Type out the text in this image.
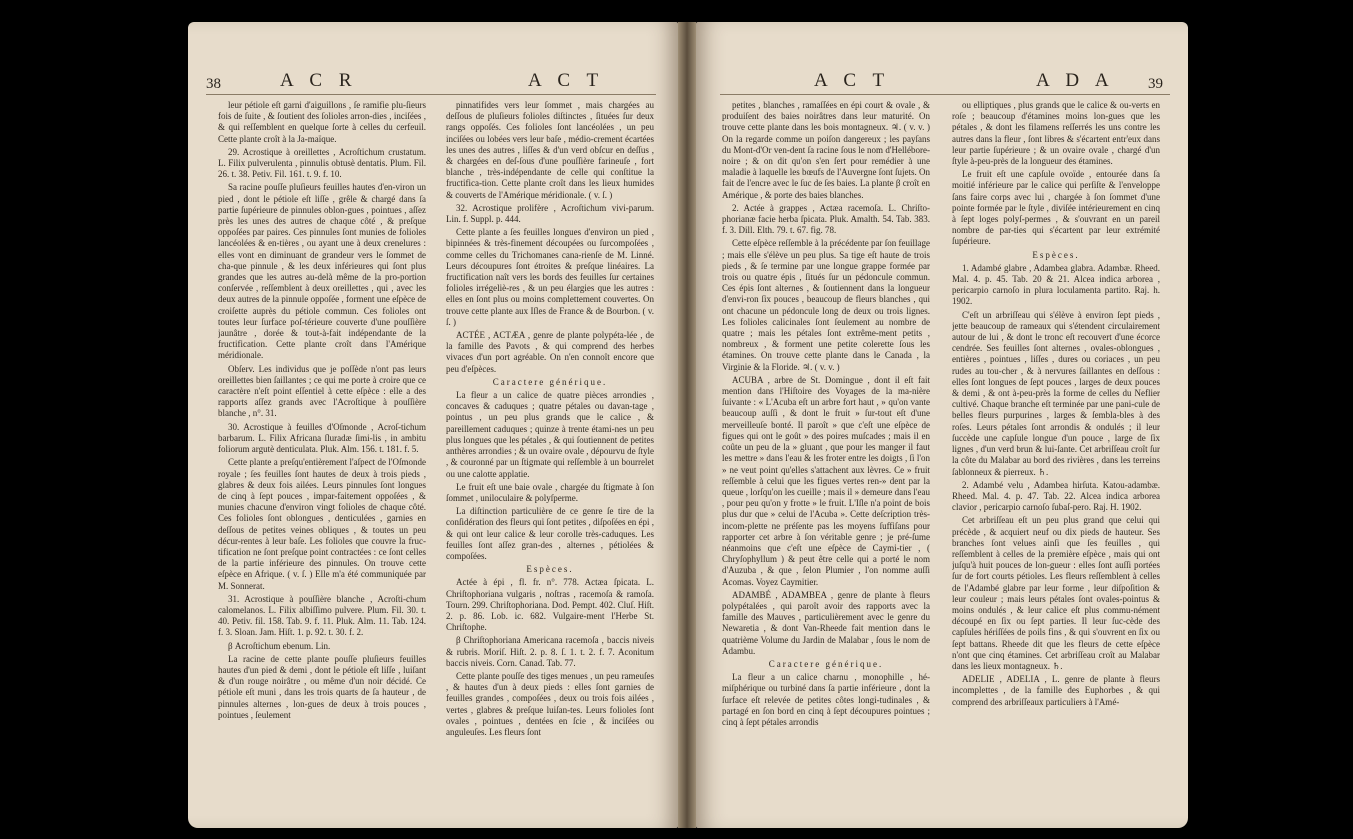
38	A C R	A C T

leur pétiole eſt garni d'aiguillons , ſe ramifie plu-ſieurs fois de ſuite , & ſoutient des ſolioles arron-dies , inciſées , & qui reſſemblent en quelque ſorte à celles du cerfeuil. Cette plante croît à la Ja-maïque.

29. Acrostique à oreillettes , Acroſtichum crustatum. L. Filix pulverulenta , pinnulis obtusè dentatis. Plum. Fil. 26. t. 38. Petiv. Fil. 161. t. 9. f. 10.

Sa racine pouſſe pluſieurs feuilles hautes d'en-viron un pied , dont le pétiole eſt liſſe , grêle & chargé dans ſa partie ſupérieure de pinnules oblon-gues , pointues , aſſez près les unes des autres de chaque côté , & preſque oppoſées par paires. Ces pinnules ſont munies de folioles lancéolées & en-tières , ou ayant une à deux crenelures : elles vont en diminuant de grandeur vers le ſommet de cha-que pinnule , & les deux inférieures qui ſont plus grandes que les autres au-delà même de la pro-portion conſervée , reſſemblent à deux oreillettes , qui , avec les deux autres de la pinnule oppoſée , forment une eſpèce de croiſette auprès du pétiole commun. Ces folioles ont toutes leur ſurface poſ-térieure couverte d'une pouſſière jaunâtre , dorée & tout-à-fait indépendante de la fructification. Cette plante croît dans l'Amérique méridionale.

Obſerv. Les individus que je poſſède n'ont pas leurs oreillettes bien ſaillantes ; ce qui me porte à croire que ce caractère n'eſt point eſſentiel à cette eſpèce : elle a des rapports aſſez grands avec l'Acroſtique à pouſſière blanche , n°. 31.

30. Acrostique à feuilles d'Oſmonde , Acroſ-tichum barbarum. L. Filix Africana ſluradæ ſimi-lis , in ambitu foliorum argutè denticulata. Pluk. Alm. 156. t. 181. f. 5.

Cette plante a preſqu'entièrement l'aſpect de l'Oſmonde royale ; ſes feuilles ſont hautes de deux à trois pieds , glabres & deux fois ailées. Leurs pinnules ſont longues de cinq à ſept pouces , impar-faitement oppoſées , & munies chacune d'environ vingt folioles de chaque côté. Ces folioles ſont oblongues , denticulées , garnies en deſſous de petites veines obliques , & toutes un peu décur-rentes à leur baſe. Les folioles que couvre la fruc-tification ne ſont preſque point contractées : ce ſont celles de la partie inférieure des pinnules. On trouve cette eſpèce en Afrique. ( v. ſ. ) Elle m'a été communiquée par M. Sonnerat.

31. Acrostique à pouſſière blanche , Acroſti-chum calomelanos. L. Filix albiſſimo pulvere. Plum. Fil. 30. t. 40. Petiv. fil. 158. Tab. 9. f. 11. Pluk. Alm. 11. Tab. 124. f. 3. Sloan. Jam. Hiſt. 1. p. 92. t. 30. f. 2.

β Acroſtichum ebenum. Lin.

La racine de cette plante pouſſe pluſieurs feuilles hautes d'un pied & demi , dont le pétiole eſt liſſe , luiſant & d'un rouge noirâtre , ou même d'un noir décidé. Ce pétiole eſt muni , dans les trois quarts de ſa hauteur , de pinnules alternes , lon-gues de deux à trois pouces , pointues , ſeulement

pinnatifides vers leur ſommet , mais chargées au deſſous de pluſieurs folioles diſtinctes , ſituées ſur deux rangs oppoſés. Ces folioles ſont lancéolées , un peu inciſées ou lobées vers leur baſe , médio-crement écartées les unes des autres , liſſes & d'un verd obſcur en deſſus , & chargées en deſ-ſous d'une pouſſière farineuſe , fort blanche , très-indépendante de celle qui conſtitue la fructifica-tion. Cette plante croît dans les lieux humides & couverts de l'Amérique méridionale. ( v. ſ. )

32. Acrostique prolifère , Acroſtichum vivi-parum. Lin. f. Suppl. p. 444.

Cette plante a ſes feuilles longues d'environ un pied , bipinnées & très-finement découpées ou ſurcompoſées , comme celles du Trichomanes cana-rienſe de M. Linné. Leurs découpures ſont étroites & preſque linéaires. La fructification naît vers les bords des feuilles ſur certaines folioles irrégeliè-res , & un peu élargies que les autres : elles en ſont plus ou moins complettement couvertes. On trouve cette plante aux Iſles de France & de Bourbon. ( v. ſ. )

ACTÉE , ACTÆA , genre de plante polypéta-lée , de la famille des Pavots , & qui comprend des herbes vivaces d'un port agréable. On n'en connoît encore que peu d'eſpèces.

Caractere générique.

La fleur a un calice de quatre pièces arrondies , concaves & caduques ; quatre pétales ou davan-tage , pointus , un peu plus grands que le calice , & pareillement caduques ; quinze à trente étami-nes un peu plus longues que les pétales , & qui ſoutiennent de petites anthères arrondies ; & un ovaire ovale , dépourvu de ſtyle , & couronné par un ſtigmate qui reſſemble à un bourrelet ou une calotte applatie.

Le fruit eſt une baie ovale , chargée du ſtigmate à ſon ſommet , uniloculaire & polyſperme.

La diſtinction particulière de ce genre ſe tire de la conſidération des fleurs qui ſont petites , diſpoſées en épi , & qui ont leur calice & leur corolle très-caduques. Les feuilles ſont aſſez gran-des , alternes , pétiolées & compoſées.

Espèces.

Actée à épi , fl. fr. n°. 778. Actæa ſpicata. L. Chriſtophoriana vulgaris , noſtras , racemoſa & ramoſa. Tourn. 299. Chriſtophoriana. Dod. Pempt. 402. Cluſ. Hiſt. 2. p. 86. Lob. ic. 682. Vulgaire-ment l'Herbe St. Chriſtophe.

β Chriſtophoriana Americana racemoſa , baccis niveis & rubris. Moriſ. Hiſt. 2. p. 8. ſ. 1. t. 2. f. 7. Aconitum baccis niveis. Corn. Canad. Tab. 77.

Cette plante pouſſe des tiges menues , un peu rameuſes , & hautes d'un à deux pieds : elles ſont garnies de feuilles grandes , compoſées , deux ou trois fois ailées , vertes , glabres & preſque luiſan-tes. Leurs folioles ſont ovales , pointues , dentées en ſcie , & inciſées ou anguleuſes. Les fleurs ſont

A C T	A D A 39

petites , blanches , ramaſſées en épi court & ovale , & produiſent des baies noirâtres dans leur maturité. On trouve cette plante dans les bois montagneux. ♃. ( v. v. ) On la regarde comme un poiſon dangereux ; les payſans du Mont-d'Or ven-dent ſa racine ſous le nom d'Hellébore-noire ; & on dit qu'on s'en ſert pour remédier à une maladie à laquelle les bœufs de l'Auvergne ſont ſujets. On fait de l'encre avec le ſuc de ſes baies. La plante β croît en Amérique , & porte des baies blanches.

2. Actée à grappes , Actæa racemoſa. L. Chriſto-phorianæ facie herba ſpicata. Pluk. Amalth. 54. Tab. 383. f. 3. Dill. Elth. 79. t. 67. fig. 78.

Cette eſpèce reſſemble à la précédente par ſon feuillage ; mais elle s'élève un peu plus. Sa tige eſt haute de trois pieds , & ſe termine par une longue grappe formée par trois ou quatre épis , ſitués ſur un pédoncule commun. Ces épis ſont alternes , & ſoutiennent dans la longueur d'envi-ron ſix pouces , beaucoup de fleurs blanches , qui ont chacune un pédoncule long de deux ou trois lignes. Les folioles calicinales ſont ſeulement au nombre de quatre ; mais les pétales ſont extrême-ment petits , nombreux , & forment une petite colerette ſous les étamines. On trouve cette plante dans le Canada , la Virginie & la Floride. ♃. ( v. v. )

ACUBA , arbre de St. Domingue , dont il eſt fait mention dans l'Hiſtoire des Voyages de la ma-nière ſuivante : « L'Acuba eſt un arbre fort haut , » qu'on vante beaucoup auſſi , & dont le fruit » ſur-tout eſt d'une merveilleuſe bonté. Il paroît » que c'eſt une eſpèce de figues qui ont le goût » des poires muſcades ; mais il en coûte un peu de la » gluant , que pour les manger il faut les mettre » dans l'eau & les froter entre les doigts , ſi l'on » ne veut point qu'elles s'attachent aux lèvres. Ce » fruit reſſemble à celui que les figues vertes ren-» dent par la queue , lorſqu'on les cueille ; mais il » demeure dans l'eau , pour peu qu'on y frotte » le fruit. L'Iſle n'a point de bois plus dur que » celui de l'Acuba ». Cette deſcription très-incom-plette ne préſente pas les moyens ſuffiſans pour rapporter cet arbre à ſon véritable genre ; je pré-ſume néanmoins que c'eſt une eſpèce de Caymi-tier , ( Chryſophyllum ) & peut être celle qui a porté le nom d'Auzuba , & que , ſelon Plumier , l'on nomme auſſi Acomas. Voyez Caymitier.

ADAMBÉ , ADAMBEA , genre de plante à fleurs polypétalées , qui paroît avoir des rapports avec la famille des Mauves , particulièrement avec le genre du Newaretia , & dont Van-Rheede fait mention dans le quatrième Volume du Jardin de Malabar , ſous le nom de Adambu.

Caractere générique.

La fleur a un calice charnu , monophille , hé-miſphérique ou turbiné dans ſa partie inférieure , dont la ſurface eſt relevée de petites côtes longi-tudinales , & partagé en ſon bord en cinq à ſept découpures pointues ; cinq à ſept pétales arrondis

ou elliptiques , plus grands que le calice & ou-verts en roſe ; beaucoup d'étamines moins lon-gues que les pétales , & dont les filamens reſſerrés les uns contre les autres dans la fleur , ſont libres & s'écartent entr'eux dans leur partie ſupérieure ; & un ovaire ovale , chargé d'un ſtyle à-peu-près de la longueur des étamines.

Le fruit eſt une capſule ovoïde , entourée dans ſa moitié inférieure par le calice qui perſiſte & l'enveloppe ſans faire corps avec lui , chargée à ſon ſommet d'une pointe formée par le ſtyle , diviſée intérieurement en cinq à ſept loges polyſ-permes , & s'ouvrant en un pareil nombre de par-ties qui s'écartent par leur extrémité ſupérieure.

Espèces.

1. Adambé glabre , Adambea glabra. Adambæ. Rheed. Mal. 4. p. 45. Tab. 20 & 21. Alcea indica arborea , pericarpio carnoſo in plura loculamenta partito. Raj. h. 1902.

C'eſt un arbriſſeau qui s'élève à environ ſept pieds , jette beaucoup de rameaux qui s'étendent circulairement autour de lui , & dont le tronc eſt recouvert d'une écorce cendrée. Ses feuilles ſont alternes , ovales-oblongues , entières , pointues , liſſes , dures ou coriaces , un peu rudes au tou-cher , & à nervures ſaillantes en deſſous : elles ſont longues de ſept pouces , larges de deux pouces & demi , & ont à-peu-près la forme de celles du Neflier cultivé. Chaque branche eſt terminée par une pani-cule de belles fleurs purpurines , larges & ſembla-bles à des roſes. Leurs pétales ſont arrondis & ondulés ; il leur ſuccède une capſule longue d'un pouce , large de ſix lignes , d'un verd brun & lui-ſante. Cet arbriſſeau croît ſur la côte du Malabar au bord des rivières , dans les terreins ſablonneux & pierreux. ♄.

2. Adambé velu , Adambea hirſuta. Katou-adambæ. Rheed. Mal. 4. p. 47. Tab. 22. Alcea indica arborea clavior , pericarpio carnoſo ſubaſ-pero. Raj. H. 1902.

Cet arbriſſeau eſt un peu plus grand que celui qui précède , & acquiert neuf ou dix pieds de hauteur. Ses branches ſont velues ainſi que ſes feuilles , qui reſſemblent à celles de la première eſpèce , mais qui ont juſqu'à huit pouces de lon-gueur : elles ſont auſſi portées ſur de fort courts pétioles. Les fleurs reſſemblent à celles de l'Adambé glabre par leur forme , leur diſpoſition & leur couleur ; mais leurs pétales ſont ovales-pointus & moins ondulés , & leur calice eſt plus commu-nément découpé en ſix ou ſept parties. Il leur ſuc-cède des capſules hériſſées de poils fins , & qui s'ouvrent en ſix ou ſept battans. Rheede dit que les fleurs de cette eſpèce n'ont que cinq étamines. Cet arbriſſeau croît au Malabar dans les lieux montagneux. ♄.

ADELIE , ADELIA , L. genre de plante à fleurs incomplettes , de la famille des Euphorbes , & qui comprend des arbriſſeaux particuliers à l'Amé-
